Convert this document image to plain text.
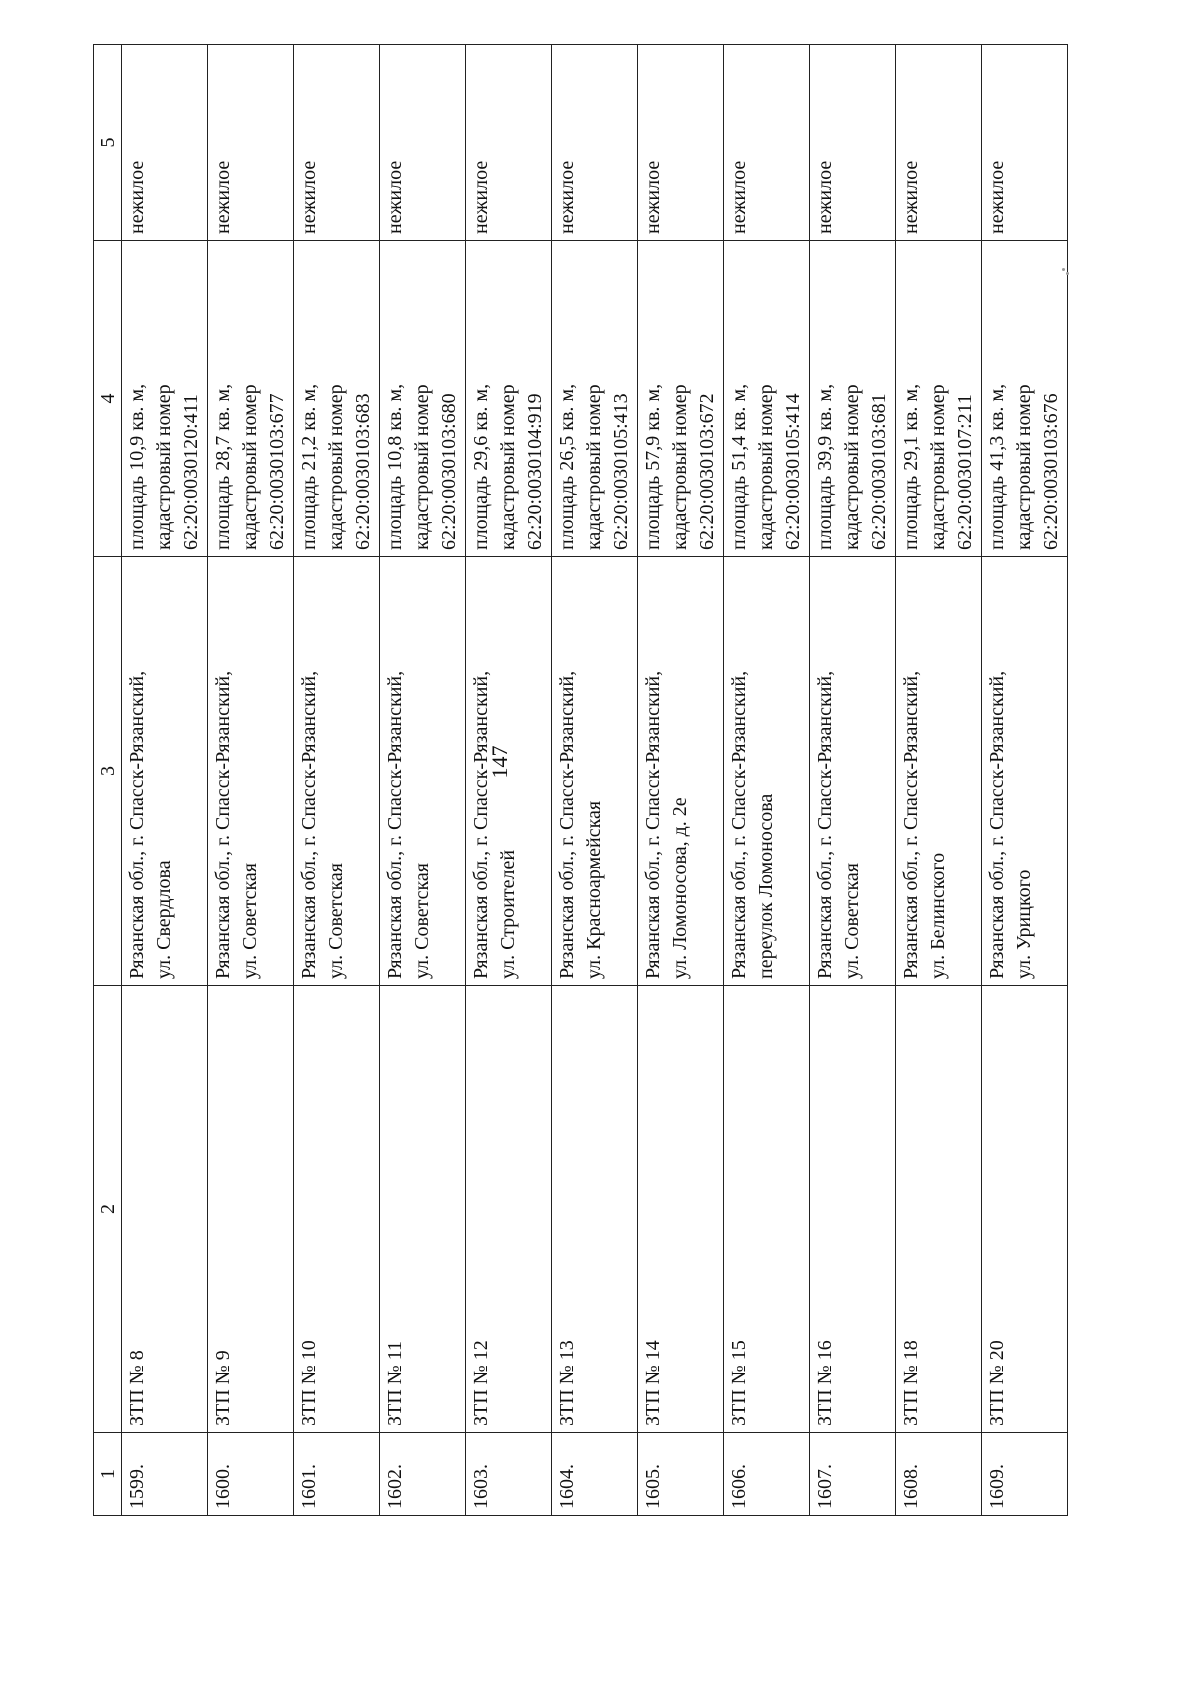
147
1	2	3	4	5
1599.	ЗТП № 8	Рязанская обл., г. Спасск-Рязанский, ул. Свердлова	площадь 10,9 кв. м, кадастровый номер 62:20:0030120:411	нежилое
1600.	ЗТП № 9	Рязанская обл., г. Спасск-Рязанский, ул. Советская	площадь 28,7 кв. м, кадастровый номер 62:20:0030103:677	нежилое
1601.	ЗТП № 10	Рязанская обл., г. Спасск-Рязанский, ул. Советская	площадь 21,2 кв. м, кадастровый номер 62:20:0030103:683	нежилое
1602.	ЗТП № 11	Рязанская обл., г. Спасск-Рязанский, ул. Советская	площадь 10,8 кв. м, кадастровый номер 62:20:0030103:680	нежилое
1603.	ЗТП № 12	Рязанская обл., г. Спасск-Рязанский, ул. Строителей	площадь 29,6 кв. м, кадастровый номер 62:20:0030104:919	нежилое
1604.	ЗТП № 13	Рязанская обл., г. Спасск-Рязанский, ул. Красноармейская	площадь 26,5 кв. м, кадастровый номер 62:20:0030105:413	нежилое
1605.	ЗТП № 14	Рязанская обл., г. Спасск-Рязанский, ул. Ломоносова, д. 2е	площадь 57,9 кв. м, кадастровый номер 62:20:0030103:672	нежилое
1606.	ЗТП № 15	Рязанская обл., г. Спасск-Рязанский, переулок Ломоносова	площадь 51,4 кв. м, кадастровый номер 62:20:0030105:414	нежилое
1607.	ЗТП № 16	Рязанская обл., г. Спасск-Рязанский, ул. Советская	площадь 39,9 кв. м, кадастровый номер 62:20:0030103:681	нежилое
1608.	ЗТП № 18	Рязанская обл., г. Спасск-Рязанский, ул. Белинского	площадь 29,1 кв. м, кадастровый номер 62:20:0030107:211	нежилое
1609.	ЗТП № 20	Рязанская обл., г. Спасск-Рязанский, ул. Урицкого	площадь 41,3 кв. м, кадастровый номер 62:20:0030103:676	нежилое
